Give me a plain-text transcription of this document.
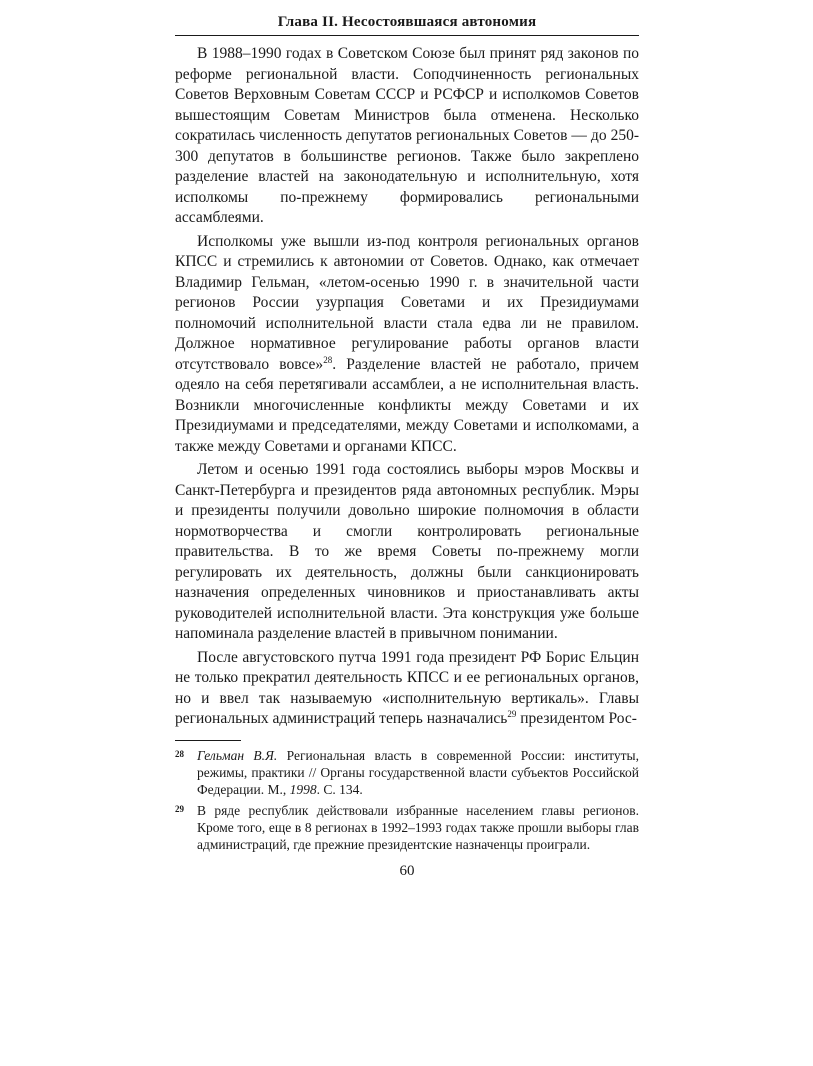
Глава II. Несостоявшаяся автономия

В 1988–1990 годах в Советском Союзе был принят ряд законов по реформе региональной власти. Соподчиненность региональных Советов Верховным Советам СССР и РСФСР и исполкомов Советов вышестоящим Советам Министров была отменена. Несколько сократилась численность депутатов региональных Советов — до 250-300 депутатов в большинстве регионов. Также было закреплено разделение властей на законодательную и исполнительную, хотя исполкомы по-прежнему формировались региональными ассамблеями.

Исполкомы уже вышли из-под контроля региональных органов КПСС и стремились к автономии от Советов. Однако, как отмечает Владимир Гельман, «летом-осенью 1990 г. в значительной части регионов России узурпация Советами и их Президиумами полномочий исполнительной власти стала едва ли не правилом. Должное нормативное регулирование работы органов власти отсутствовало вовсе»$^{28}$. Разделение властей не работало, причем одеяло на себя перетягивали ассамблеи, а не исполнительная власть. Возникли многочисленные конфликты между Советами и их Президиумами и председателями, между Советами и исполкомами, а также между Советами и органами КПСС.

Летом и осенью 1991 года состоялись выборы мэров Москвы и Санкт-Петербурга и президентов ряда автономных республик. Мэры и президенты получили довольно широкие полномочия в области нормотворчества и смогли контролировать региональные правительства. В то же время Советы по-прежнему могли регулировать их деятельность, должны были санкционировать назначения определенных чиновников и приостанавливать акты руководителей исполнительной власти. Эта конструкция уже больше напоминала разделение властей в привычном понимании.

После августовского путча 1991 года президент РФ Борис Ельцин не только прекратил деятельность КПСС и ее региональных органов, но и ввел так называемую «исполнительную вертикаль». Главы региональных администраций теперь назначались$^{29}$ президентом Рос-

28 Гельман В.Я. Региональная власть в современной России: институты, режимы, практики // Органы государственной власти субъектов Российской Федерации. М., 1998. С. 134.
29 В ряде республик действовали избранные населением главы регионов. Кроме того, еще в 8 регионах в 1992–1993 годах также прошли выборы глав администраций, где прежние президентские назначенцы проиграли.
60
